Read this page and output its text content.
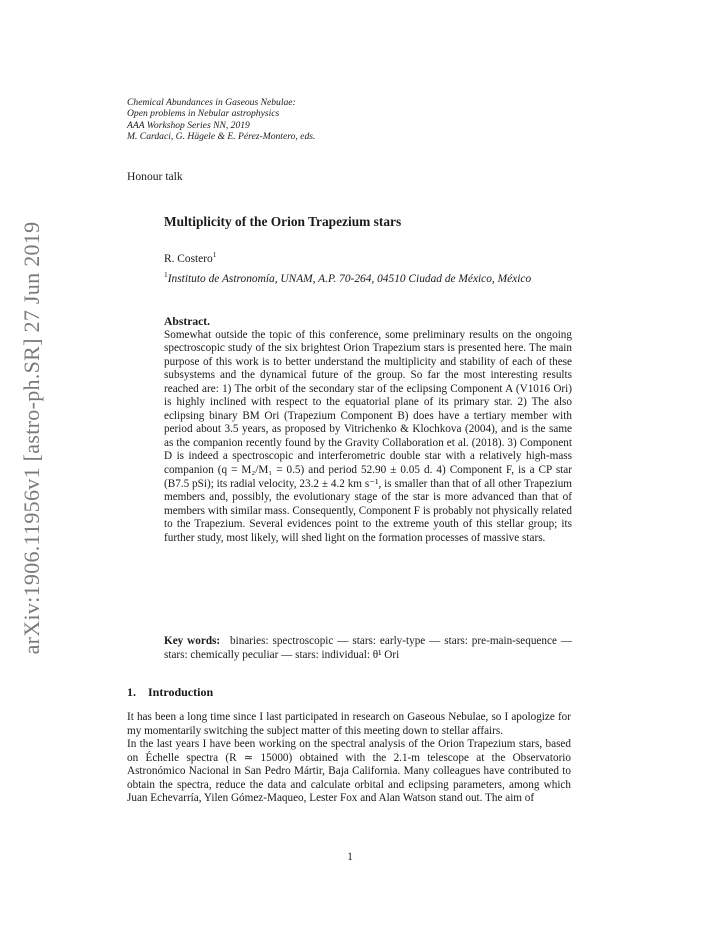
arXiv:1906.11956v1 [astro-ph.SR] 27 Jun 2019
Chemical Abundances in Gaseous Nebulae:
Open problems in Nebular astrophysics
AAA Workshop Series NN, 2019
M. Cardaci, G. Hägele & E. Pérez-Montero, eds.
Honour talk
Multiplicity of the Orion Trapezium stars
R. Costero$^1$
$^1$Instituto de Astronomía, UNAM, A.P. 70-264, 04510 Ciudad de México, México
Abstract.
Somewhat outside the topic of this conference, some preliminary results on the ongoing spectroscopic study of the six brightest Orion Trapezium stars is presented here. The main purpose of this work is to better understand the multiplicity and stability of each of these subsystems and the dynamical future of the group. So far the most interesting results reached are: 1) The orbit of the secondary star of the eclipsing Component A (V1016 Ori) is highly inclined with respect to the equatorial plane of its primary star. 2) The also eclipsing binary BM Ori (Trapezium Component B) does have a tertiary member with period about 3.5 years, as proposed by Vitrichenko & Klochkova (2004), and is the same as the companion recently found by the Gravity Collaboration et al. (2018). 3) Component D is indeed a spectroscopic and interferometric double star with a relatively high-mass companion (q = M₂/M₁ = 0.5) and period 52.90 ± 0.05 d. 4) Component F, is a CP star (B7.5 pSi); its radial velocity, 23.2 ± 4.2 km s⁻¹, is smaller than that of all other Trapezium members and, possibly, the evolutionary stage of the star is more advanced than that of members with similar mass. Consequently, Component F is probably not physically related to the Trapezium. Several evidences point to the extreme youth of this stellar group; its further study, most likely, will shed light on the formation processes of massive stars.
Key words: binaries: spectroscopic — stars: early-type — stars: pre-main-sequence — stars: chemically peculiar — stars: individual: θ¹ Ori
1. Introduction

It has been a long time since I last participated in research on Gaseous Nebulae, so I apologize for my momentarily switching the subject matter of this meeting down to stellar affairs.

In the last years I have been working on the spectral analysis of the Orion Trapezium stars, based on Échelle spectra (R ≃ 15000) obtained with the 2.1-m telescope at the Observatorio Astronómico Nacional in San Pedro Mártir, Baja California. Many colleagues have contributed to obtain the spectra, reduce the data and calculate orbital and eclipsing parameters, among which Juan Echevarría, Yilen Gómez-Maqueo, Lester Fox and Alan Watson stand out. The aim of

1
